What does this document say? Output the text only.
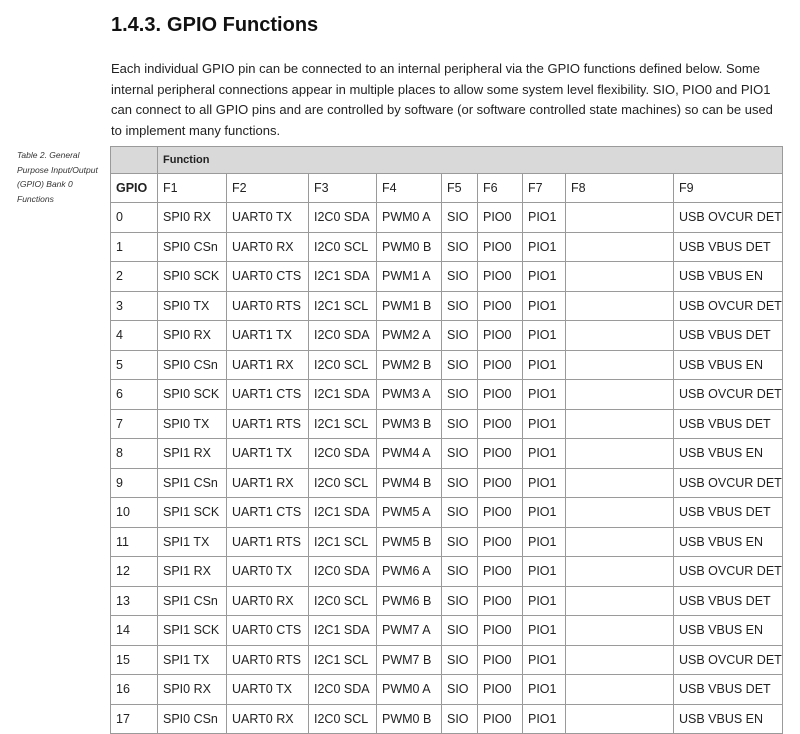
1.4.3. GPIO Functions

Each individual GPIO pin can be connected to an internal peripheral via the GPIO functions defined below. Some internal peripheral connections appear in multiple places to allow some system level flexibility. SIO, PIO0 and PIO1 can connect to all GPIO pins and are controlled by software (or software controlled state machines) so can be used to implement many functions.

Table 2. General Purpose Input/Output (GPIO) Bank 0 Functions
	Function								
GPIO	F1	F2	F3	F4	F5	F6	F7	F8	F9
0	SPI0 RX	UART0 TX	I2C0 SDA	PWM0 A	SIO	PIO0	PIO1		USB OVCUR DET
1	SPI0 CSn	UART0 RX	I2C0 SCL	PWM0 B	SIO	PIO0	PIO1		USB VBUS DET
2	SPI0 SCK	UART0 CTS	I2C1 SDA	PWM1 A	SIO	PIO0	PIO1		USB VBUS EN
3	SPI0 TX	UART0 RTS	I2C1 SCL	PWM1 B	SIO	PIO0	PIO1		USB OVCUR DET
4	SPI0 RX	UART1 TX	I2C0 SDA	PWM2 A	SIO	PIO0	PIO1		USB VBUS DET
5	SPI0 CSn	UART1 RX	I2C0 SCL	PWM2 B	SIO	PIO0	PIO1		USB VBUS EN
6	SPI0 SCK	UART1 CTS	I2C1 SDA	PWM3 A	SIO	PIO0	PIO1		USB OVCUR DET
7	SPI0 TX	UART1 RTS	I2C1 SCL	PWM3 B	SIO	PIO0	PIO1		USB VBUS DET
8	SPI1 RX	UART1 TX	I2C0 SDA	PWM4 A	SIO	PIO0	PIO1		USB VBUS EN
9	SPI1 CSn	UART1 RX	I2C0 SCL	PWM4 B	SIO	PIO0	PIO1		USB OVCUR DET
10	SPI1 SCK	UART1 CTS	I2C1 SDA	PWM5 A	SIO	PIO0	PIO1		USB VBUS DET
11	SPI1 TX	UART1 RTS	I2C1 SCL	PWM5 B	SIO	PIO0	PIO1		USB VBUS EN
12	SPI1 RX	UART0 TX	I2C0 SDA	PWM6 A	SIO	PIO0	PIO1		USB OVCUR DET
13	SPI1 CSn	UART0 RX	I2C0 SCL	PWM6 B	SIO	PIO0	PIO1		USB VBUS DET
14	SPI1 SCK	UART0 CTS	I2C1 SDA	PWM7 A	SIO	PIO0	PIO1		USB VBUS EN
15	SPI1 TX	UART0 RTS	I2C1 SCL	PWM7 B	SIO	PIO0	PIO1		USB OVCUR DET
16	SPI0 RX	UART0 TX	I2C0 SDA	PWM0 A	SIO	PIO0	PIO1		USB VBUS DET
17	SPI0 CSn	UART0 RX	I2C0 SCL	PWM0 B	SIO	PIO0	PIO1		USB VBUS EN
